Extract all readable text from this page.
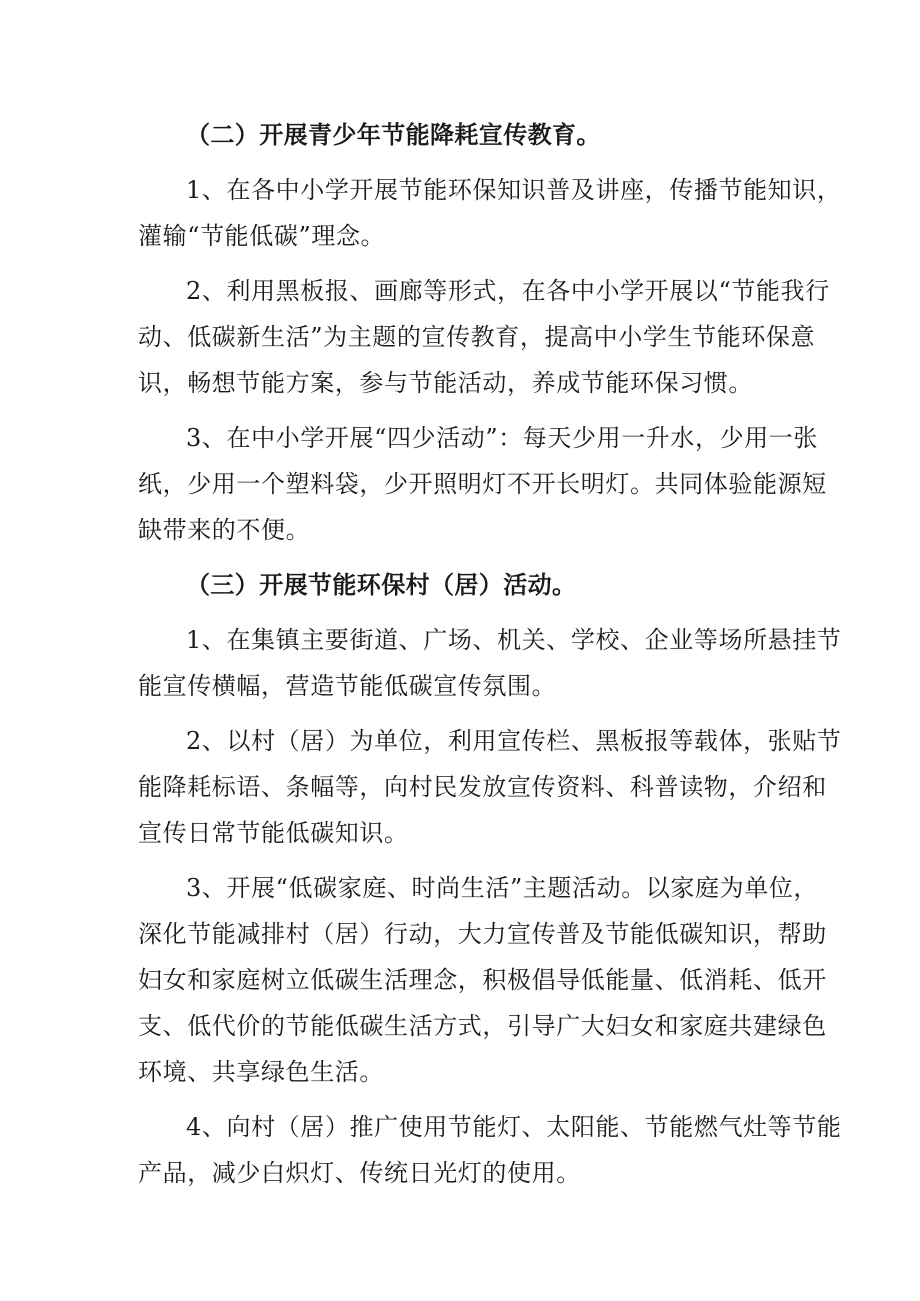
（二）开展青少年节能降耗宣传教育。
1、在各中小学开展节能环保知识普及讲座，传播节能知识，
灌输“节能低碳”理念。
2、利用黑板报、画廊等形式，在各中小学开展以“节能我行
动、低碳新生活”为主题的宣传教育，提高中小学生节能环保意
识，畅想节能方案，参与节能活动，养成节能环保习惯。
3、在中小学开展“四少活动”：每天少用一升水，少用一张
纸，少用一个塑料袋，少开照明灯不开长明灯。共同体验能源短
缺带来的不便。
（三）开展节能环保村（居）活动。
1、在集镇主要街道、广场、机关、学校、企业等场所悬挂节
能宣传横幅，营造节能低碳宣传氛围。
2、以村（居）为单位，利用宣传栏、黑板报等载体，张贴节
能降耗标语、条幅等，向村民发放宣传资料、科普读物，介绍和
宣传日常节能低碳知识。
3、开展“低碳家庭、时尚生活”主题活动。以家庭为单位，
深化节能减排村（居）行动，大力宣传普及节能低碳知识，帮助
妇女和家庭树立低碳生活理念，积极倡导低能量、低消耗、低开
支、低代价的节能低碳生活方式，引导广大妇女和家庭共建绿色
环境、共享绿色生活。
4、向村（居）推广使用节能灯、太阳能、节能燃气灶等节能
产品，减少白炽灯、传统日光灯的使用。
